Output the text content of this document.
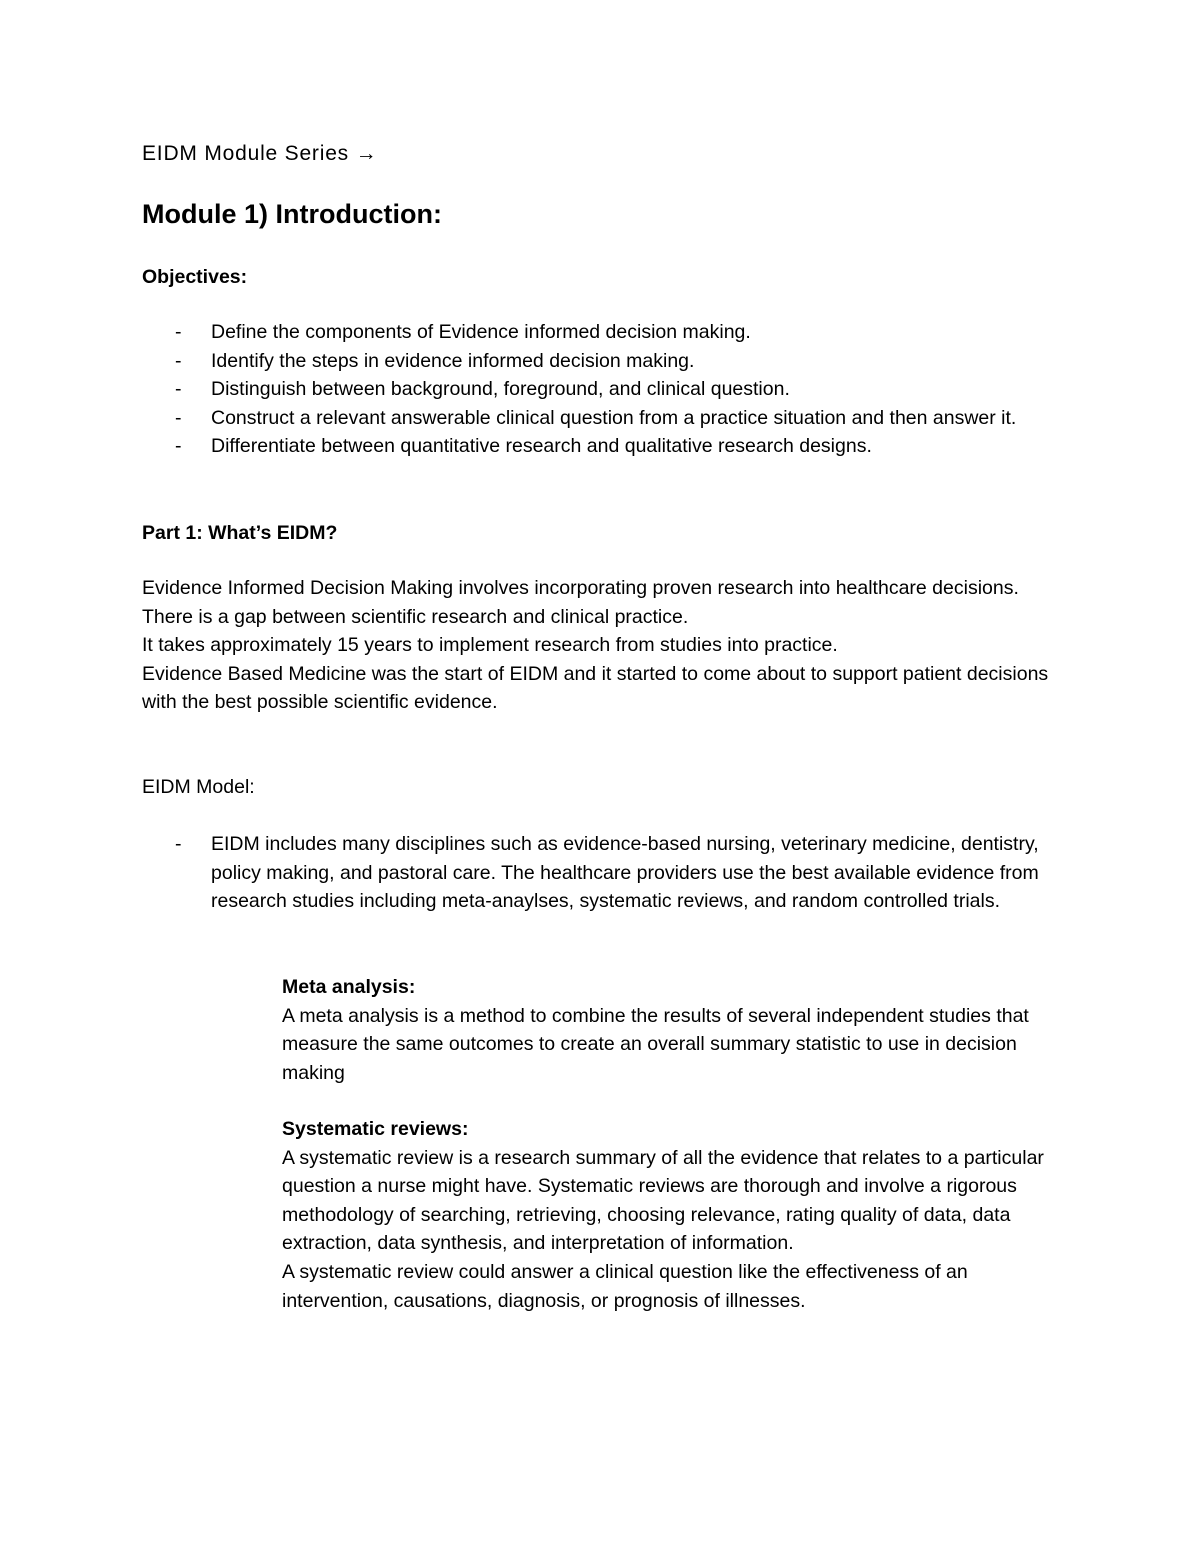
EIDM Module Series →
Module 1) Introduction:
Objectives:
- Define the components of Evidence informed decision making.
- Identify the steps in evidence informed decision making.
- Distinguish between background, foreground, and clinical question.
- Construct a relevant answerable clinical question from a practice situation and then answer it.
- Differentiate between quantitative research and qualitative research designs.
Part 1: What’s EIDM?

Evidence Informed Decision Making involves incorporating proven research into healthcare decisions.

There is a gap between scientific research and clinical practice.

It takes approximately 15 years to implement research from studies into practice.

Evidence Based Medicine was the start of EIDM and it started to come about to support patient decisions with the best possible scientific evidence.

EIDM Model:
- EIDM includes many disciplines such as evidence-based nursing, veterinary medicine, dentistry, policy making, and pastoral care. The healthcare providers use the best available evidence from research studies including meta-anaylses, systematic reviews, and random controlled trials.

Meta analysis:

A meta analysis is a method to combine the results of several independent studies that measure the same outcomes to create an overall summary statistic to use in decision making

Systematic reviews:

A systematic review is a research summary of all the evidence that relates to a particular question a nurse might have. Systematic reviews are thorough and involve a rigorous methodology of searching, retrieving, choosing relevance, rating quality of data, data extraction, data synthesis, and interpretation of information.

A systematic review could answer a clinical question like the effectiveness of an intervention, causations, diagnosis, or prognosis of illnesses.
